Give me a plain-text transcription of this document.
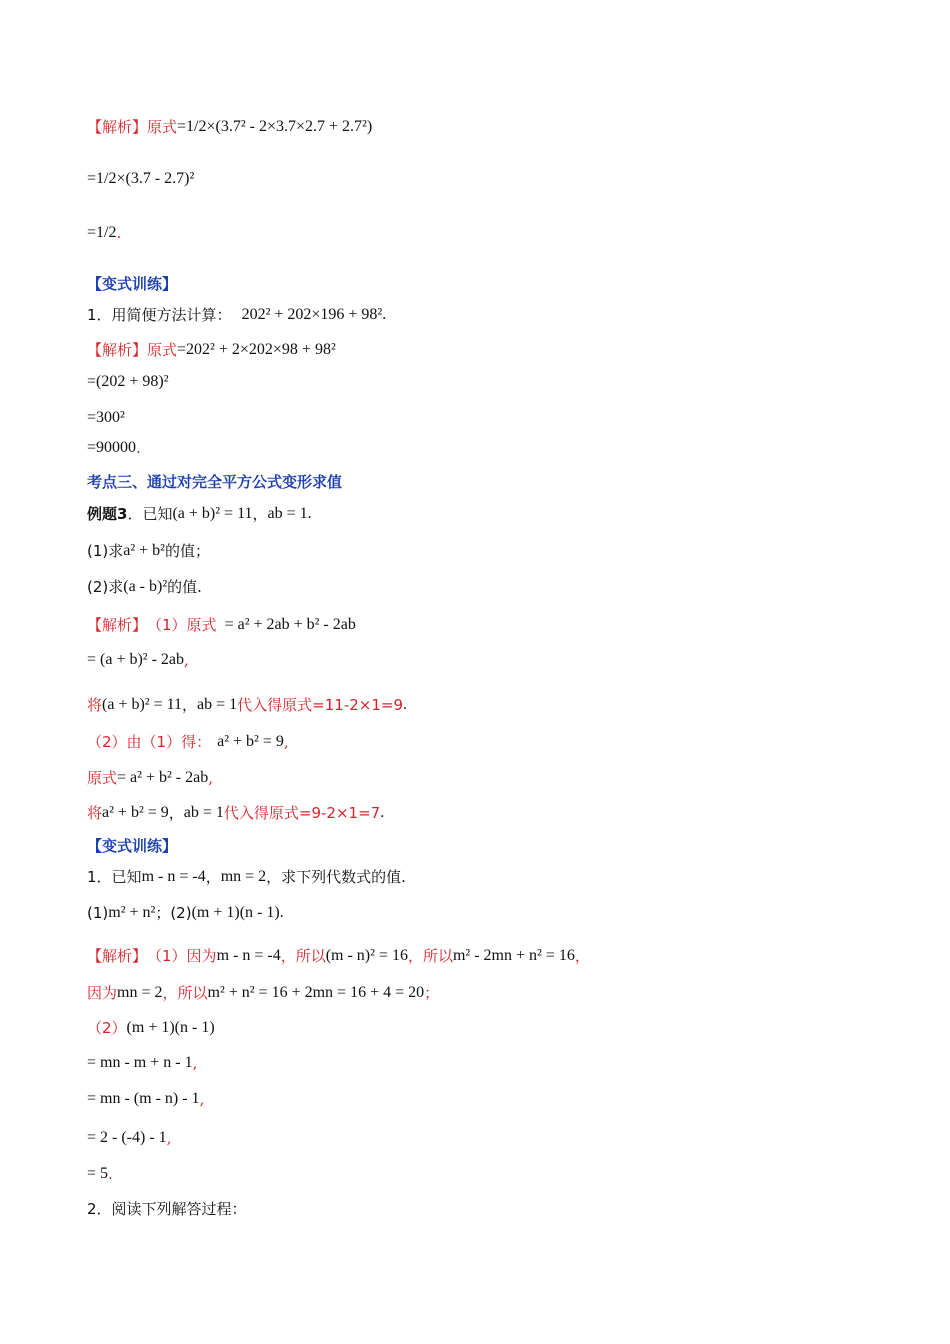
【解析】 原式 =1/2×(3.7² - 2×3.7×2.7 + 2.7²)
=1/2×(3.7 - 2.7)²
=1/2 .
【变式训练】
1． 用简便方法计算： 202² + 202×196 + 98² .
【解析】 原式 =202² + 2×202×98 + 98²
=(202 + 98)²
=300²
=90000 .
考点三、通过对完全平方公式变形求值
例题 3 ．已知 (a + b)² = 11 ， ab = 1 .
(1)求 a² + b² 的值；
(2)求 (a - b)² 的值.
【解析】 （1）原式 = a² + 2ab + b² - 2ab
= (a + b)² - 2ab ,
将 (a + b)² = 11 ， ab = 1 代入得原式=11-2×1=9 .
（2）由（1）得： a² + b² = 9 ,
原式 = a² + b² - 2ab ,
将 a² + b² = 9 ， ab = 1 代入得原式=9-2×1=7 .
【变式训练】
1． 已知 m - n = -4 ， mn = 2 ，求下列代数式的值.
(1) m² + n² ； (2) (m + 1)(n - 1) .
【解析】 （1）因为 m - n = -4 ，所以 (m - n)² = 16 ，所以 m² - 2mn + n² = 16 ，
因为 mn = 2 ，所以 m² + n² = 16 + 2mn = 16 + 4 = 20 ；
（2） (m + 1)(n - 1)
= mn - m + n - 1 ,
= mn - (m - n) - 1 ,
= 2 - (-4) - 1 ,
= 5 .
2． 阅读下列解答过程：
